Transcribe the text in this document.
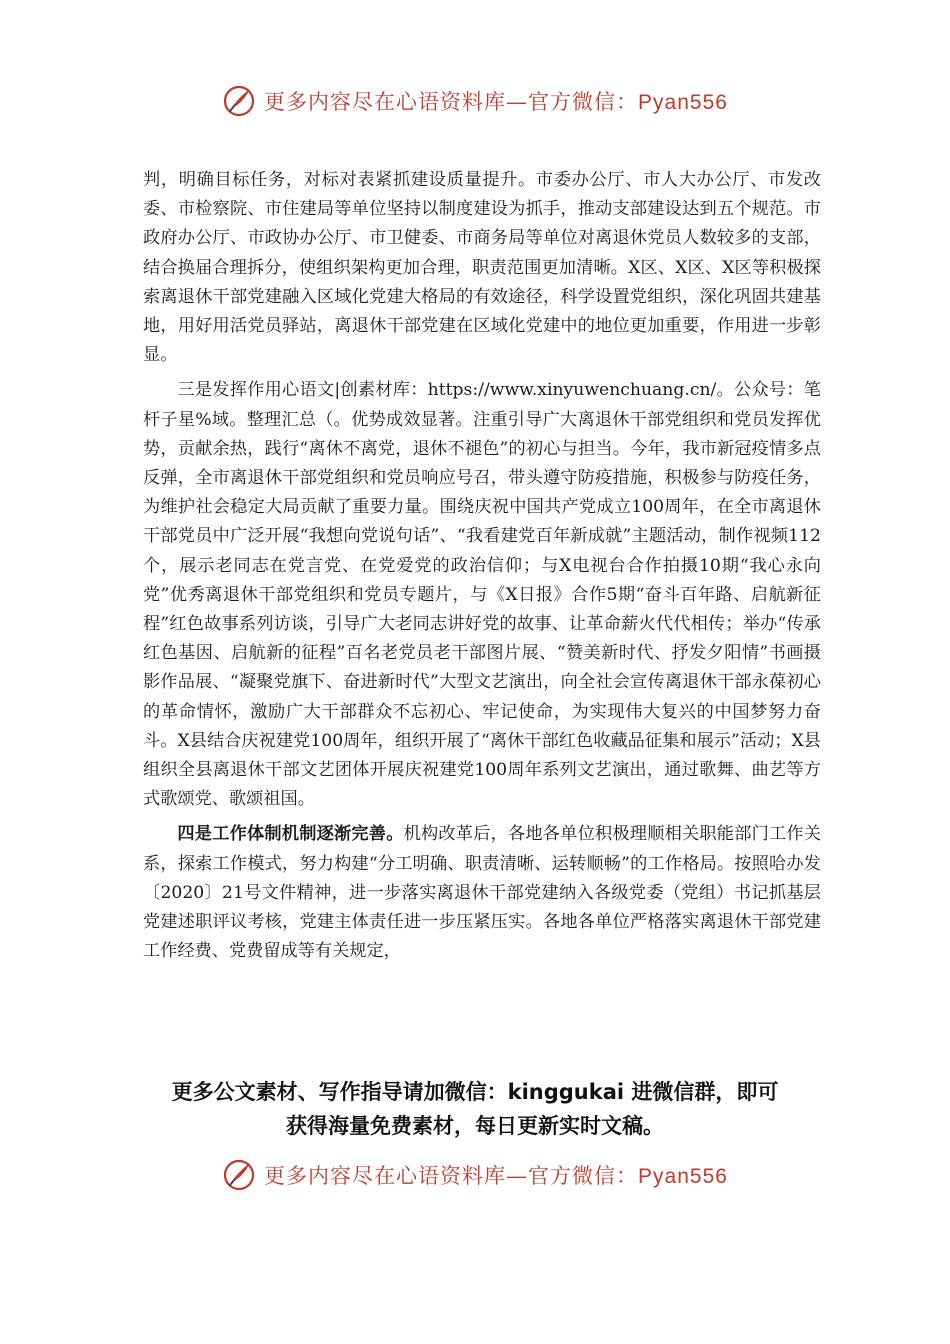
更多内容尽在心语资料库—官方微信：Pyan556

判，明确目标任务，对标对表紧抓建设质量提升。市委办公厅、市人大办公厅、市发改委、市检察院、市住建局等单位坚持以制度建设为抓手，推动支部建设达到五个规范。市政府办公厅、市政协办公厅、市卫健委、市商务局等单位对离退休党员人数较多的支部，结合换届合理拆分，使组织架构更加合理，职责范围更加清晰。X区、X区、X区等积极探索离退休干部党建融入区域化党建大格局的有效途径，科学设置党组织，深化巩固共建基地，用好用活党员驿站，离退休干部党建在区域化党建中的地位更加重要，作用进一步彰显。

三是发挥作用心语文|创素材库：https://www.xinyuwenchuang.cn/。公众号：笔杆子星%域。整理汇总（。优势成效显著。注重引导广大离退休干部党组织和党员发挥优势，贡献余热，践行“离休不离党，退休不褪色”的初心与担当。今年，我市新冠疫情多点反弹，全市离退休干部党组织和党员响应号召，带头遵守防疫措施，积极参与防疫任务，为维护社会稳定大局贡献了重要力量。围绕庆祝中国共产党成立100周年，在全市离退休干部党员中广泛开展“我想向党说句话”、“我看建党百年新成就”主题活动，制作视频112个，展示老同志在党言党、在党爱党的政治信仰；与X电视台合作拍摄10期“我心永向党”优秀离退休干部党组织和党员专题片，与《X日报》合作5期“奋斗百年路、启航新征程”红色故事系列访谈，引导广大老同志讲好党的故事、让革命薪火代代相传；举办“传承红色基因、启航新的征程”百名老党员老干部图片展、“赞美新时代、抒发夕阳情”书画摄影作品展、“凝聚党旗下、奋进新时代”大型文艺演出，向全社会宣传离退休干部永葆初心的革命情怀，激励广大干部群众不忘初心、牢记使命，为实现伟大复兴的中国梦努力奋斗。X县结合庆祝建党100周年，组织开展了“离休干部红色收藏品征集和展示”活动；X县组织全县离退休干部文艺团体开展庆祝建党100周年系列文艺演出，通过歌舞、曲艺等方式歌颂党、歌颂祖国。

四是工作体制机制逐渐完善。机构改革后，各地各单位积极理顺相关职能部门工作关系，探索工作模式，努力构建“分工明确、职责清晰、运转顺畅”的工作格局。按照哈办发〔2020〕21号文件精神，进一步落实离退休干部党建纳入各级党委（党组）书记抓基层党建述职评议考核，党建主体责任进一步压紧压实。各地各单位严格落实离退休干部党建工作经费、党费留成等有关规定，

更多公文素材、写作指导请加微信：kinggukai 进微信群，即可
获得海量免费素材，每日更新实时文稿。
更多内容尽在心语资料库—官方微信：Pyan556
